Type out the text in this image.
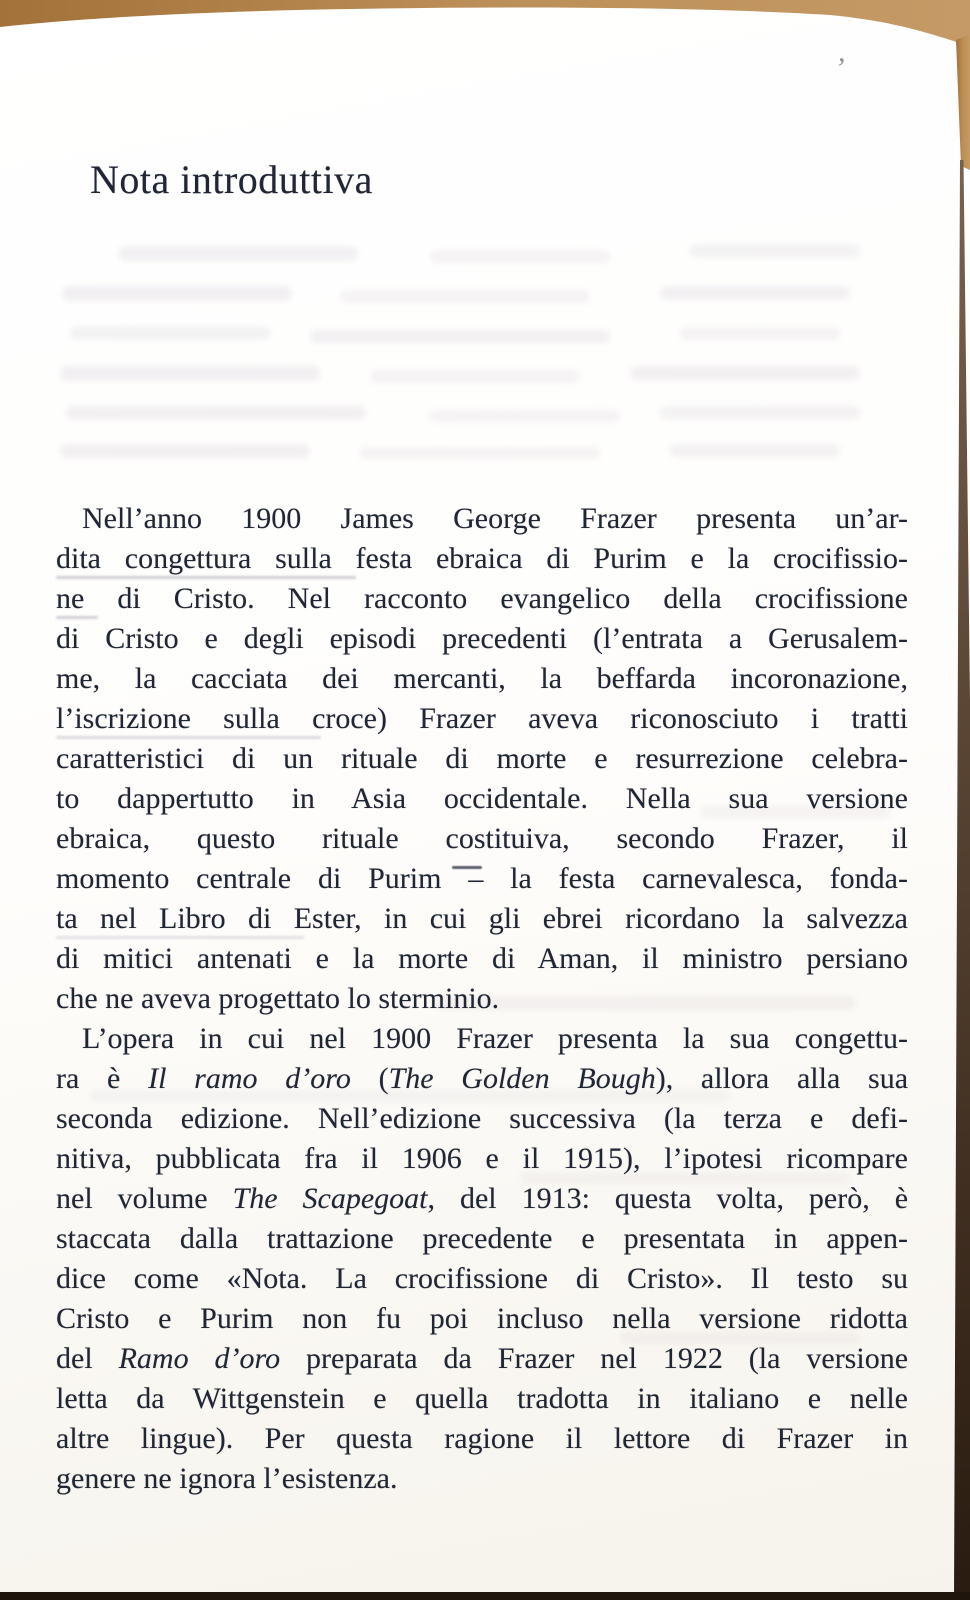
’
Nota introduttiva
Nell’anno 1900 James George Frazer presenta un’ar-
dita congettura sulla festa ebraica di Purim e la crocifissio-
ne di Cristo. Nel racconto evangelico della crocifissione
di Cristo e degli episodi precedenti (l’entrata a Gerusalem-
me, la cacciata dei mercanti, la beffarda incoronazione,
l’iscrizione sulla croce) Frazer aveva riconosciuto i tratti
caratteristici di un rituale di morte e resurrezione celebra-
to dappertutto in Asia occidentale. Nella sua versione
ebraica, questo rituale costituiva, secondo Frazer, il
momento centrale di Purim – la festa carnevalesca, fonda-
ta nel Libro di Ester, in cui gli ebrei ricordano la salvezza
di mitici antenati e la morte di Aman, il ministro persiano
che ne aveva progettato lo sterminio.
L’opera in cui nel 1900 Frazer presenta la sua congettu-
ra è Il ramo d’oro (The Golden Bough), allora alla sua
seconda edizione. Nell’edizione successiva (la terza e defi-
nitiva, pubblicata fra il 1906 e il 1915), l’ipotesi ricompare
nel volume The Scapegoat, del 1913: questa volta, però, è
staccata dalla trattazione precedente e presentata in appen-
dice come «Nota. La crocifissione di Cristo». Il testo su
Cristo e Purim non fu poi incluso nella versione ridotta
del Ramo d’oro preparata da Frazer nel 1922 (la versione
letta da Wittgenstein e quella tradotta in italiano e nelle
altre lingue). Per questa ragione il lettore di Frazer in
genere ne ignora l’esistenza.
